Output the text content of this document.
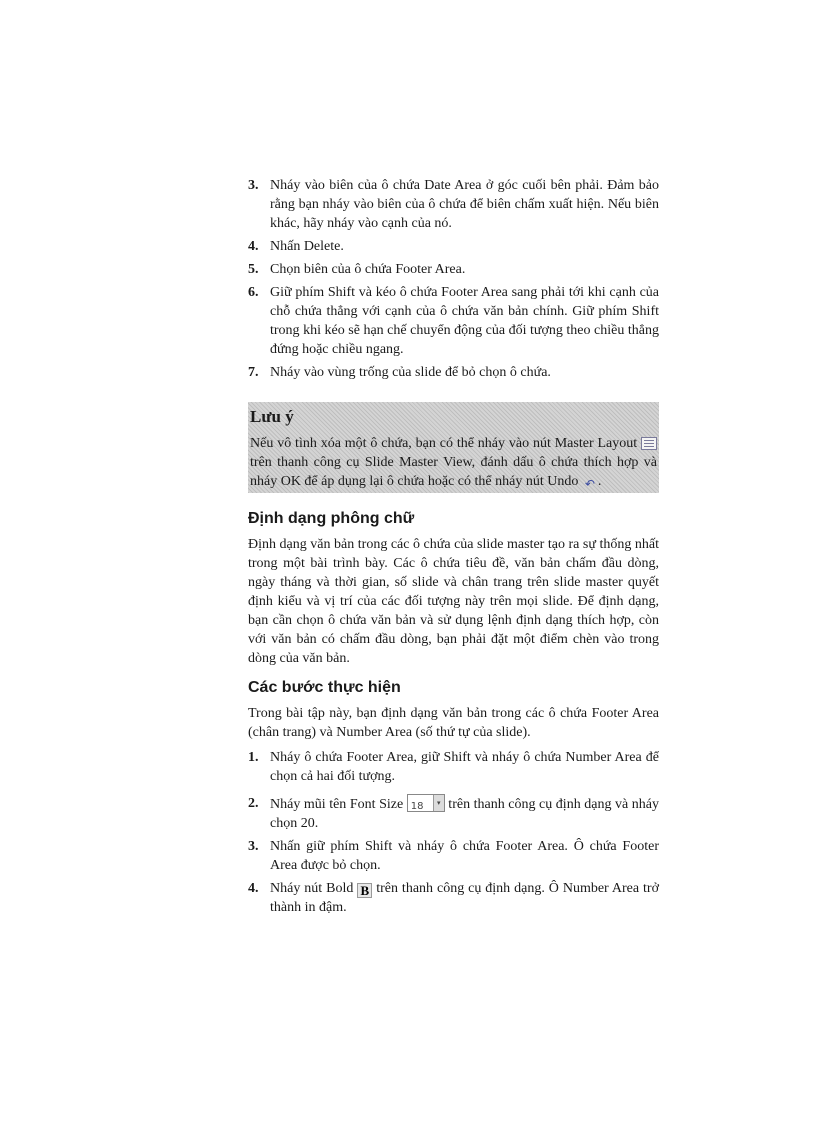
3. Nháy vào biên của ô chứa Date Area ở góc cuối bên phải. Đảm bảo rằng bạn nháy vào biên của ô chứa để biên chấm xuất hiện. Nếu biên khác, hãy nháy vào cạnh của nó.
4. Nhấn Delete.
5. Chọn biên của ô chứa Footer Area.
6. Giữ phím Shift và kéo ô chứa Footer Area sang phải tới khi cạnh của chỗ chứa thẳng với cạnh của ô chứa văn bản chính. Giữ phím Shift trong khi kéo sẽ hạn chế chuyển động của đối tượng theo chiều thẳng đứng hoặc chiều ngang.
7. Nháy vào vùng trống của slide để bỏ chọn ô chứa.
Lưu ý
Nếu vô tình xóa một ô chứa, bạn có thể nháy vào nút Master Layout  trên thanh công cụ Slide Master View, đánh dấu ô chứa thích hợp và nháy OK để áp dụng lại ô chứa hoặc có thể nháy nút Undo ↶ .
Định dạng phông chữ

Định dạng văn bản trong các ô chứa của slide master tạo ra sự thống nhất trong một bài trình bày. Các ô chứa tiêu đề, văn bản chấm đầu dòng, ngày tháng và thời gian, số slide và chân trang trên slide master quyết định kiểu và vị trí của các đối tượng này trên mọi slide. Để định dạng, bạn cần chọn ô chứa văn bản và sử dụng lệnh định dạng thích hợp, còn với văn bản có chấm đầu dòng, bạn phải đặt một điểm chèn vào trong dòng của văn bản.

Các bước thực hiện

Trong bài tập này, bạn định dạng văn bản trong các ô chứa Footer Area (chân trang) và Number Area (số thứ tự của slide).

1. Nháy ô chứa Footer Area, giữ Shift và nháy ô chứa Number Area để chọn cả hai đối tượng.
2. Nháy mũi tên Font Size 18	▾ trên thanh công cụ định dạng và nháy chọn 20.
3. Nhấn giữ phím Shift và nháy ô chứa Footer Area. Ô chứa Footer Area được bỏ chọn.
4. Nháy nút Bold B trên thanh công cụ định dạng. Ô Number Area trở thành in đậm.
